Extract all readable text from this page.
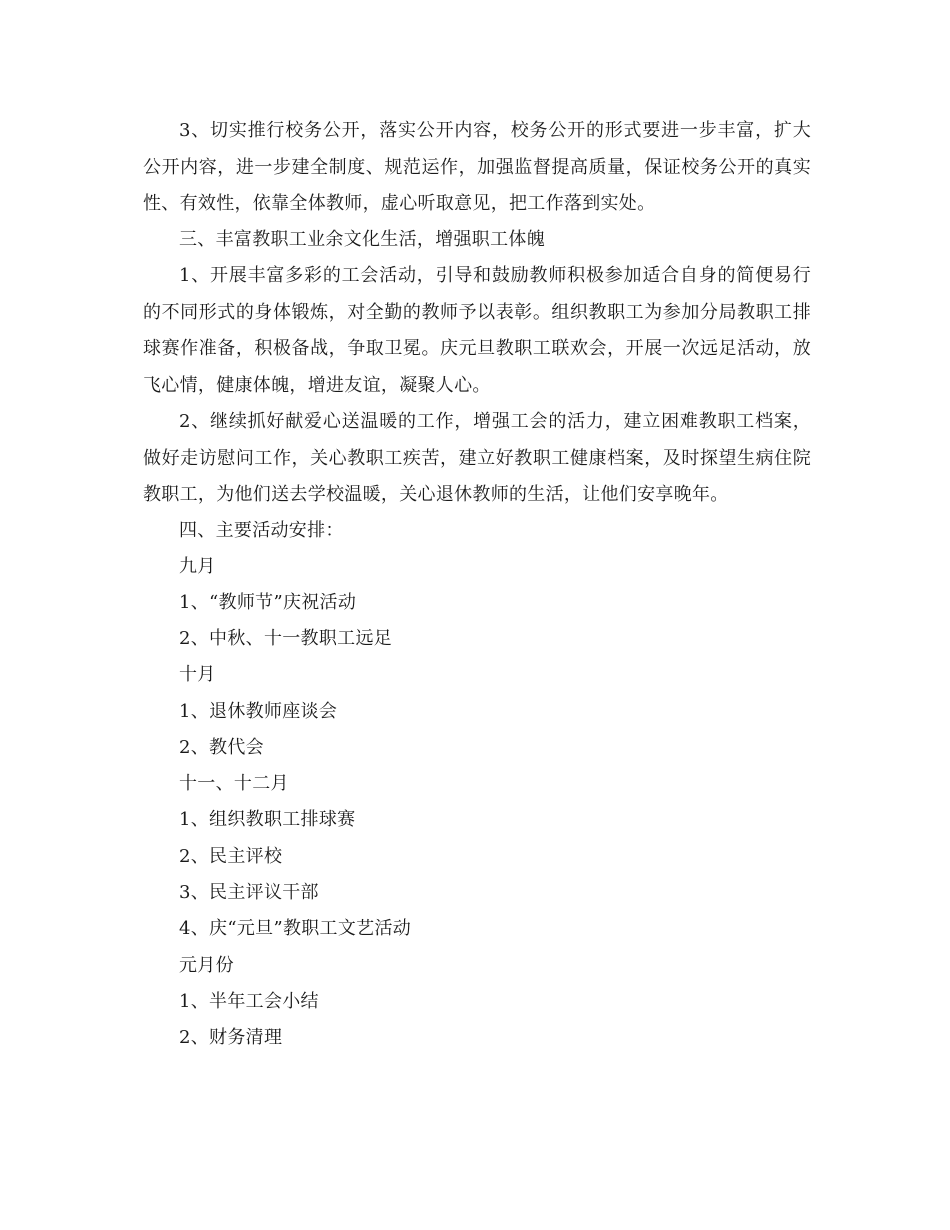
3、切实推行校务公开，落实公开内容，校务公开的形式要进一步丰富，扩大公开内容，进一步建全制度、规范运作，加强监督提高质量，保证校务公开的真实性、有效性，依靠全体教师，虚心听取意见，把工作落到实处。

三、丰富教职工业余文化生活，增强职工体魄

1、开展丰富多彩的工会活动，引导和鼓励教师积极参加适合自身的简便易行的不同形式的身体锻炼，对全勤的教师予以表彰。组织教职工为参加分局教职工排球赛作准备，积极备战，争取卫冕。庆元旦教职工联欢会，开展一次远足活动，放飞心情，健康体魄，增进友谊，凝聚人心。

2、继续抓好献爱心送温暖的工作，增强工会的活力，建立困难教职工档案，做好走访慰问工作，关心教职工疾苦，建立好教职工健康档案，及时探望生病住院教职工，为他们送去学校温暖，关心退休教师的生活，让他们安享晚年。

四、主要活动安排：

九月

1、“教师节”庆祝活动

2、中秋、十一教职工远足

十月

1、退休教师座谈会

2、教代会

十一、十二月

1、组织教职工排球赛

2、民主评校

3、民主评议干部

4、庆“元旦”教职工文艺活动

元月份

1、半年工会小结

2、财务清理
